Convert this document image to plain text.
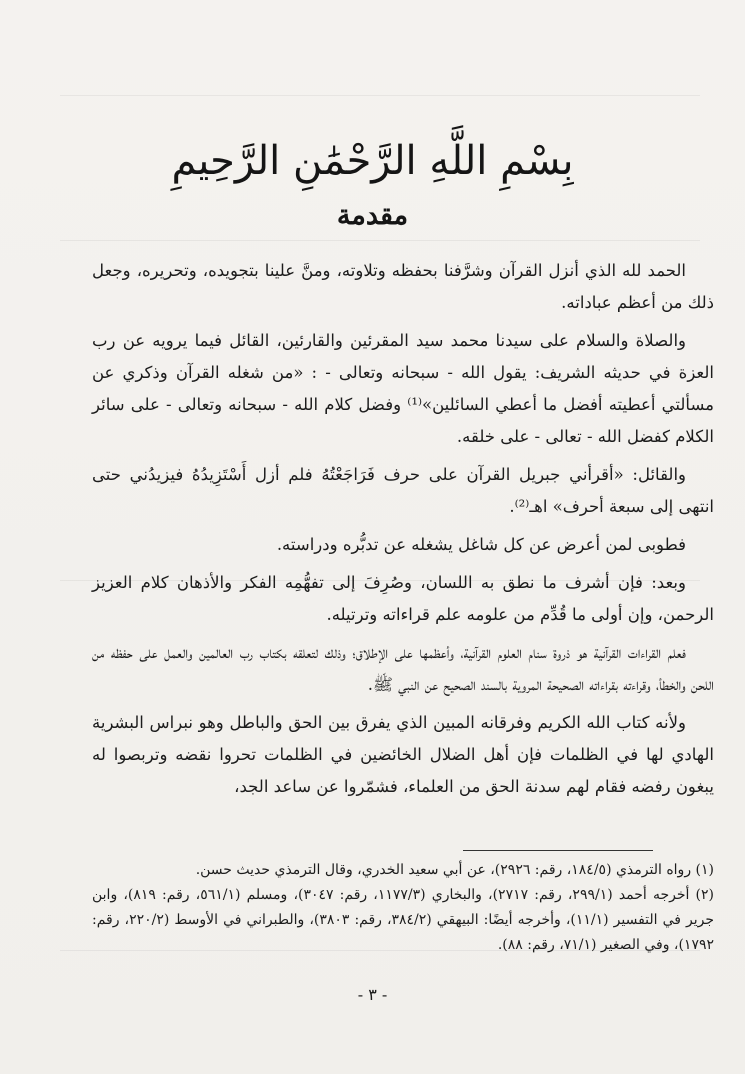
بِسْمِ اللَّهِ الرَّحْمَٰنِ الرَّحِيمِ
مقدمة

الحمد لله الذي أنزل القرآن وشرَّفنا بحفظه وتلاوته، ومنَّ علينا بتجويده، وتحريره، وجعل ذلك من أعظم عباداته.

والصلاة والسلام على سيدنا محمد سيد المقرئين والقارئين، القائل فيما يرويه عن رب العزة في حديثه الشريف: يقول الله - سبحانه وتعالى - : «من شغله القرآن وذكري عن مسألتي أعطيته أفضل ما أعطي السائلين»⁽¹⁾ وفضل كلام الله - سبحانه وتعالى - على سائر الكلام كفضل الله - تعالى - على خلقه.

والقائل: «أقرأني جبريل القرآن على حرف فَرَاجَعْتُهُ فلم أزل أَسْتَزِيدُهُ فيزيدُني حتى انتهى إلى سبعة أحرف» اهـ⁽²⁾.

فطوبى لمن أعرض عن كل شاغل يشغله عن تدبُّره ودراسته.

وبعد: فإن أشرف ما نطق به اللسان، وصُرِفَ إلى تفهُّمِه الفكر والأذهان كلام العزيز الرحمن، وإن أولى ما قُدِّم من علومه علم قراءاته وترتيله.

فعلم القراءات القرآنية هو ذروة سنام العلوم القرآنية، وأعظمها على الإطلاق؛ وذلك لتعلقه بكتاب رب العالمين والعمل على حفظه من اللحن والخطأ، وقراءته بقراءاته الصحيحة المروية بالسند الصحيح عن النبي ﷺ.

ولأنه كتاب الله الكريم وفرقانه المبين الذي يفرق بين الحق والباطل وهو نبراس البشرية الهادي لها في الظلمات فإن أهل الضلال الخائضين في الظلمات تحروا نقضه وتربصوا له يبغون رفضه فقام لهم سدنة الحق من العلماء، فشمّروا عن ساعد الجد،

(١) رواه الترمذي (١٨٤/٥، رقم: ٢٩٢٦)، عن أبي سعيد الخدري، وقال الترمذي حديث حسن.
(٢) أخرجه أحمد (٢٩٩/١، رقم: ٢٧١٧)، والبخاري (١١٧٧/٣، رقم: ٣٠٤٧)، ومسلم (٥٦١/١، رقم: ٨١٩)، وابن جرير في التفسير (١١/١)، وأخرجه أيضًا: البيهقي (٣٨٤/٢، رقم: ٣٨٠٣)، والطبراني في الأوسط (٢٢٠/٢، رقم: ١٧٩٢)، وفي الصغير (٧١/١، رقم: ٨٨).
- ٣ -
